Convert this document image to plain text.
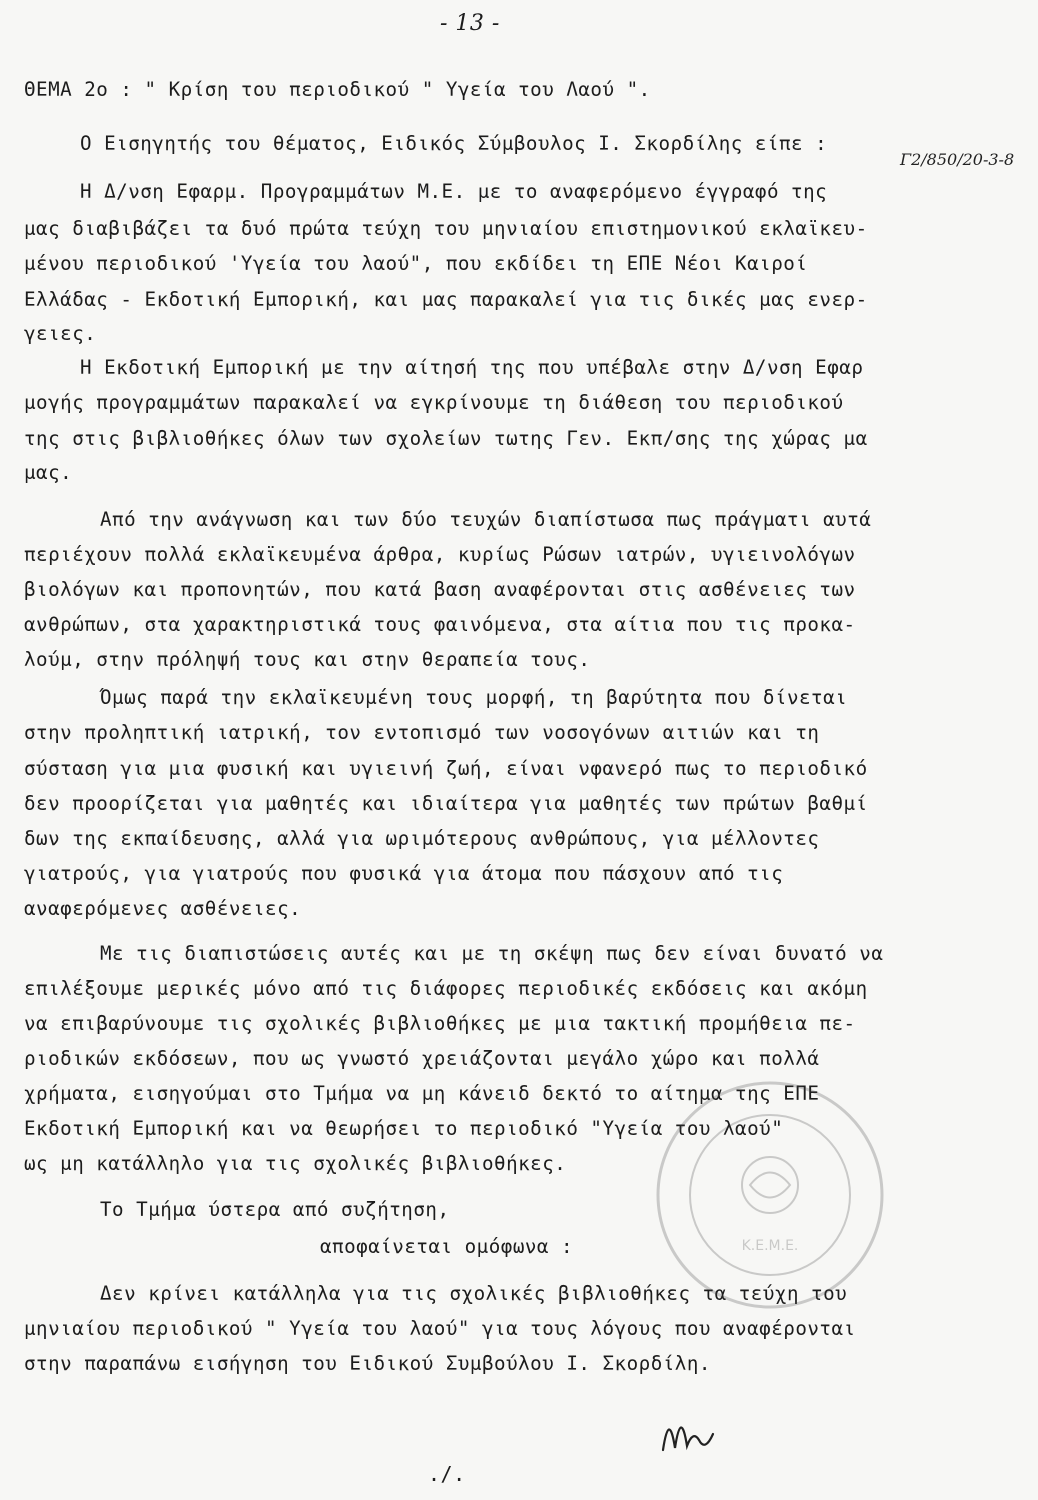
- 13 -
ΘΕΜΑ 2ο : " Κρίση του περιοδικού " Υγεία του Λαού ".
Ο Εισηγητής του θέματος, Ειδικός Σύμβουλος Ι. Σκορδίλης είπε :
Γ2/850/20-3-8
Η Δ/νση Εφαρμ. Προγραμμάτων Μ.Ε. με το αναφερόμενο έγγραφό της
μας διαβιβάζει τα δυό πρώτα τεύχη του μηνιαίου επιστημονικού εκλαϊκευ-
μένου περιοδικού 'Υγεία του λαού", που εκδίδει τη ΕΠΕ Νέοι Καιροί
Ελλάδας - Εκδοτική Εμπορική, και μας παρακαλεί για τις δικές μας ενερ-
γειες.
Η Εκδοτική Εμπορική με την αίτησή της που υπέβαλε στην Δ/νση Εφαρ
μογής προγραμμάτων παρακαλεί να εγκρίνουμε τη διάθεση του περιοδικού
της στις βιβλιοθήκες όλων των σχολείων τωτης Γεν. Εκπ/σης της χώρας μα
μας.
Από την ανάγνωση και των δύο τευχών διαπίστωσα πως πράγματι αυτά
περιέχουν πολλά εκλαϊκευμένα άρθρα, κυρίως Ρώσων ιατρών, υγιεινολόγων
βιολόγων και προπονητών, που κατά βαση αναφέρονται στις ασθένειες των
ανθρώπων, στα χαρακτηριστικά τους φαινόμενα, στα αίτια που τις προκα-
λούμ, στην πρόληψή τους και στην θεραπεία τους.
Όμως παρά την εκλαϊκευμένη τους μορφή, τη βαρύτητα που δίνεται
στην προληπτική ιατρική, τον εντοπισμό των νοσογόνων αιτιών και τη
σύσταση για μια φυσική και υγιεινή ζωή, είναι νφανερό πως το περιοδικό
δεν προορίζεται για μαθητές και ιδιαίτερα για μαθητές των πρώτων βαθμί
δων της εκπαίδευσης, αλλά για ωριμότερους ανθρώπους, για μέλλοντες
γιατρούς, για γιατρούς που φυσικά για άτομα που πάσχουν από τις
αναφερόμενες ασθένειες.
Με τις διαπιστώσεις αυτές και με τη σκέψη πως δεν είναι δυνατό να
επιλέξουμε μερικές μόνο από τις διάφορες περιοδικές εκδόσεις και ακόμη
να επιβαρύνουμε τις σχολικές βιβλιοθήκες με μια τακτική προμήθεια πε-
ριοδικών εκδόσεων, που ως γνωστό χρειάζονται μεγάλο χώρο και πολλά
χρήματα, εισηγούμαι στο Τμήμα να μη κάνειδ δεκτό το αίτημα της ΕΠΕ
Εκδοτική Εμπορική και να θεωρήσει το περιοδικό "Υγεία του λαού"
ως μη κατάλληλο για τις σχολικές βιβλιοθήκες.
Το Τμήμα ύστερα από συζήτηση,
αποφαίνεται ομόφωνα :
Δεν κρίνει κατάλληλα για τις σχολικές βιβλιοθήκες τα τεύχη του
μηνιαίου περιοδικού " Υγεία του λαού" για τους λόγους που αναφέρονται
στην παραπάνω εισήγηση του Ειδικού Συμβούλου Ι. Σκορδίλη.
Κ.Ε.Μ.Ε.
./.
